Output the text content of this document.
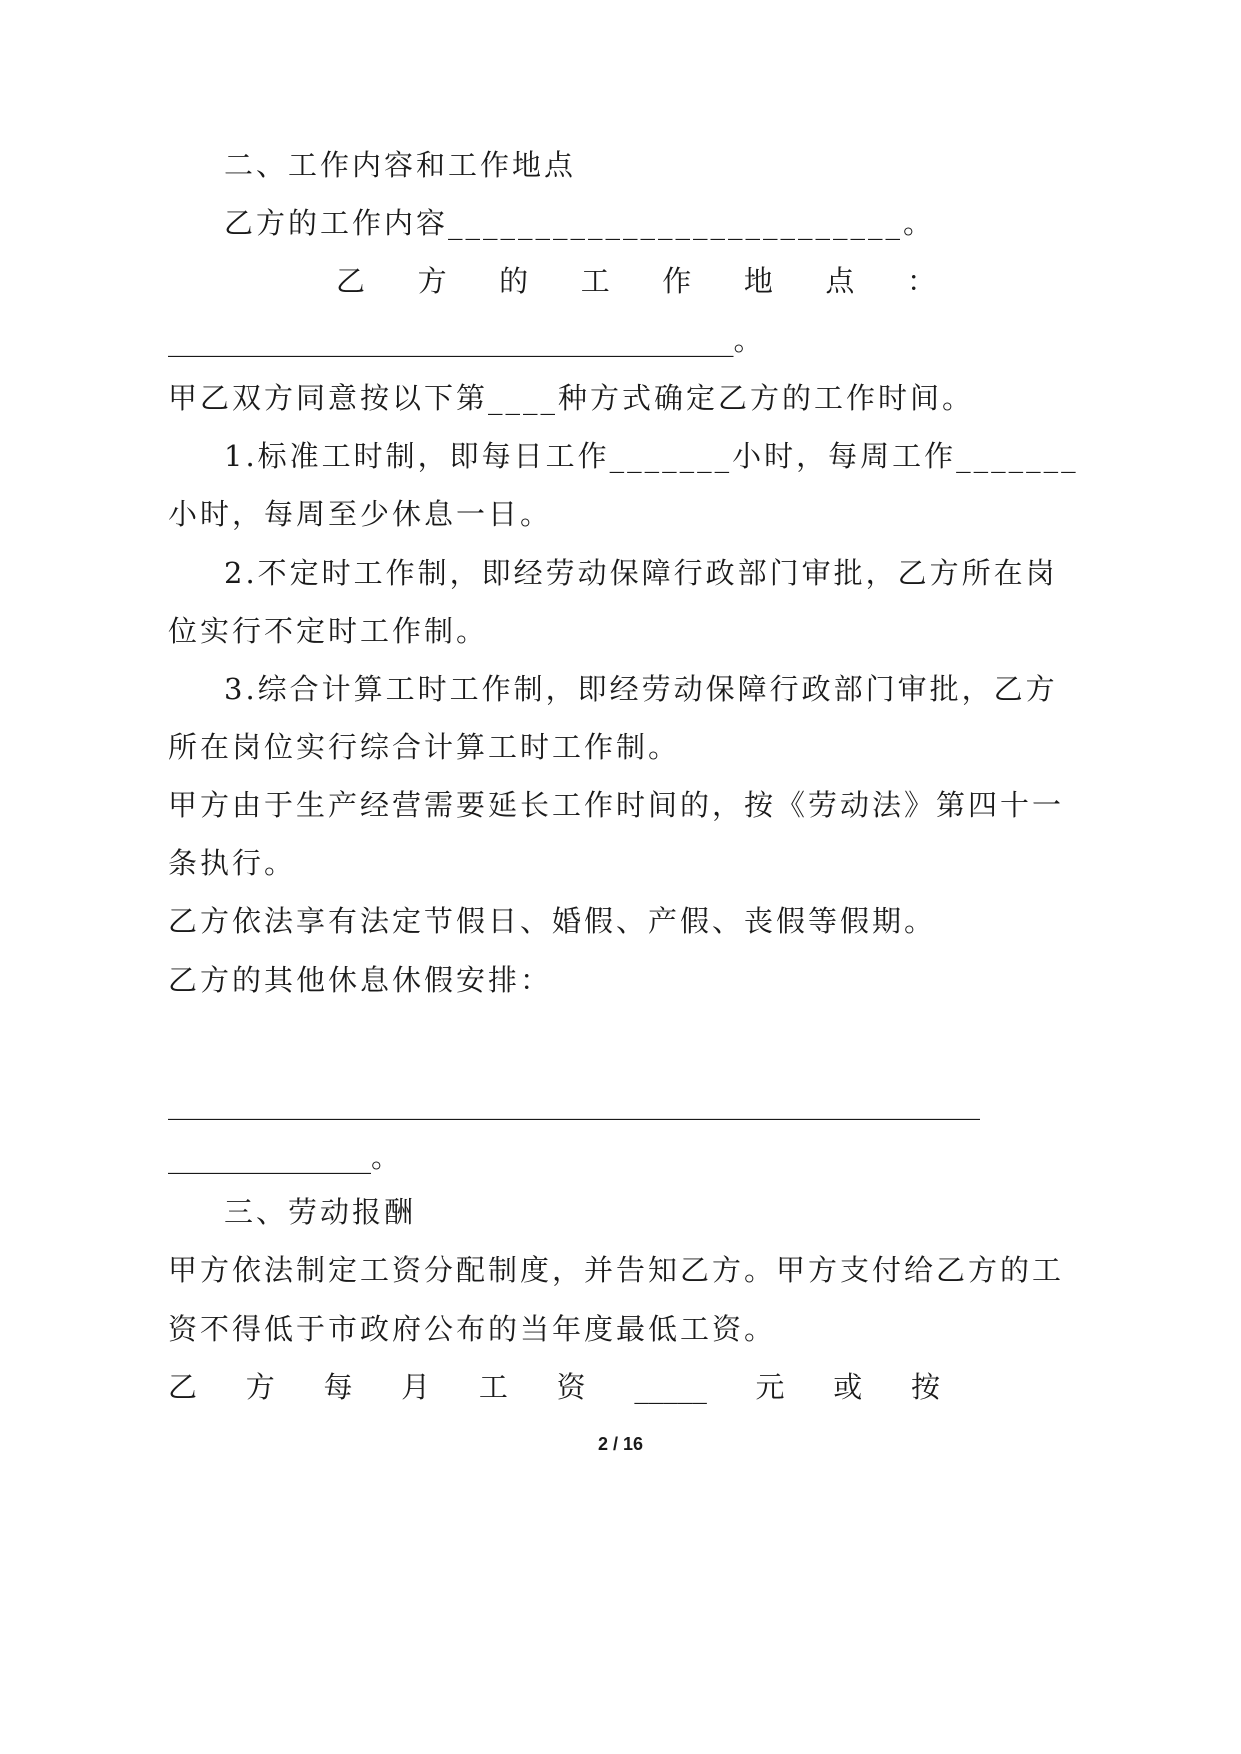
二、工作内容和工作地点
乙方的工作内容__________________________。
乙 方 的 工 作 地 点 ：
_______________________________________。
甲乙双方同意按以下第____种方式确定乙方的工作时间。
1.标准工时制，即每日工作_______小时，每周工作_______
小时，每周至少休息一日。
2.不定时工作制，即经劳动保障行政部门审批，乙方所在岗
位实行不定时工作制。
3.综合计算工时工作制，即经劳动保障行政部门审批，乙方
所在岗位实行综合计算工时工作制。
甲方由于生产经营需要延长工作时间的，按《劳动法》第四十一
条执行。
乙方依法享有法定节假日、婚假、产假、丧假等假期。
乙方的其他休息休假安排：
________________________________________________________
______________。
三、劳动报酬
甲方依法制定工资分配制度，并告知乙方。甲方支付给乙方的工
资不得低于市政府公布的当年度最低工资。
乙 方 每 月 工 资 _____ 元 或 按
2 / 16
